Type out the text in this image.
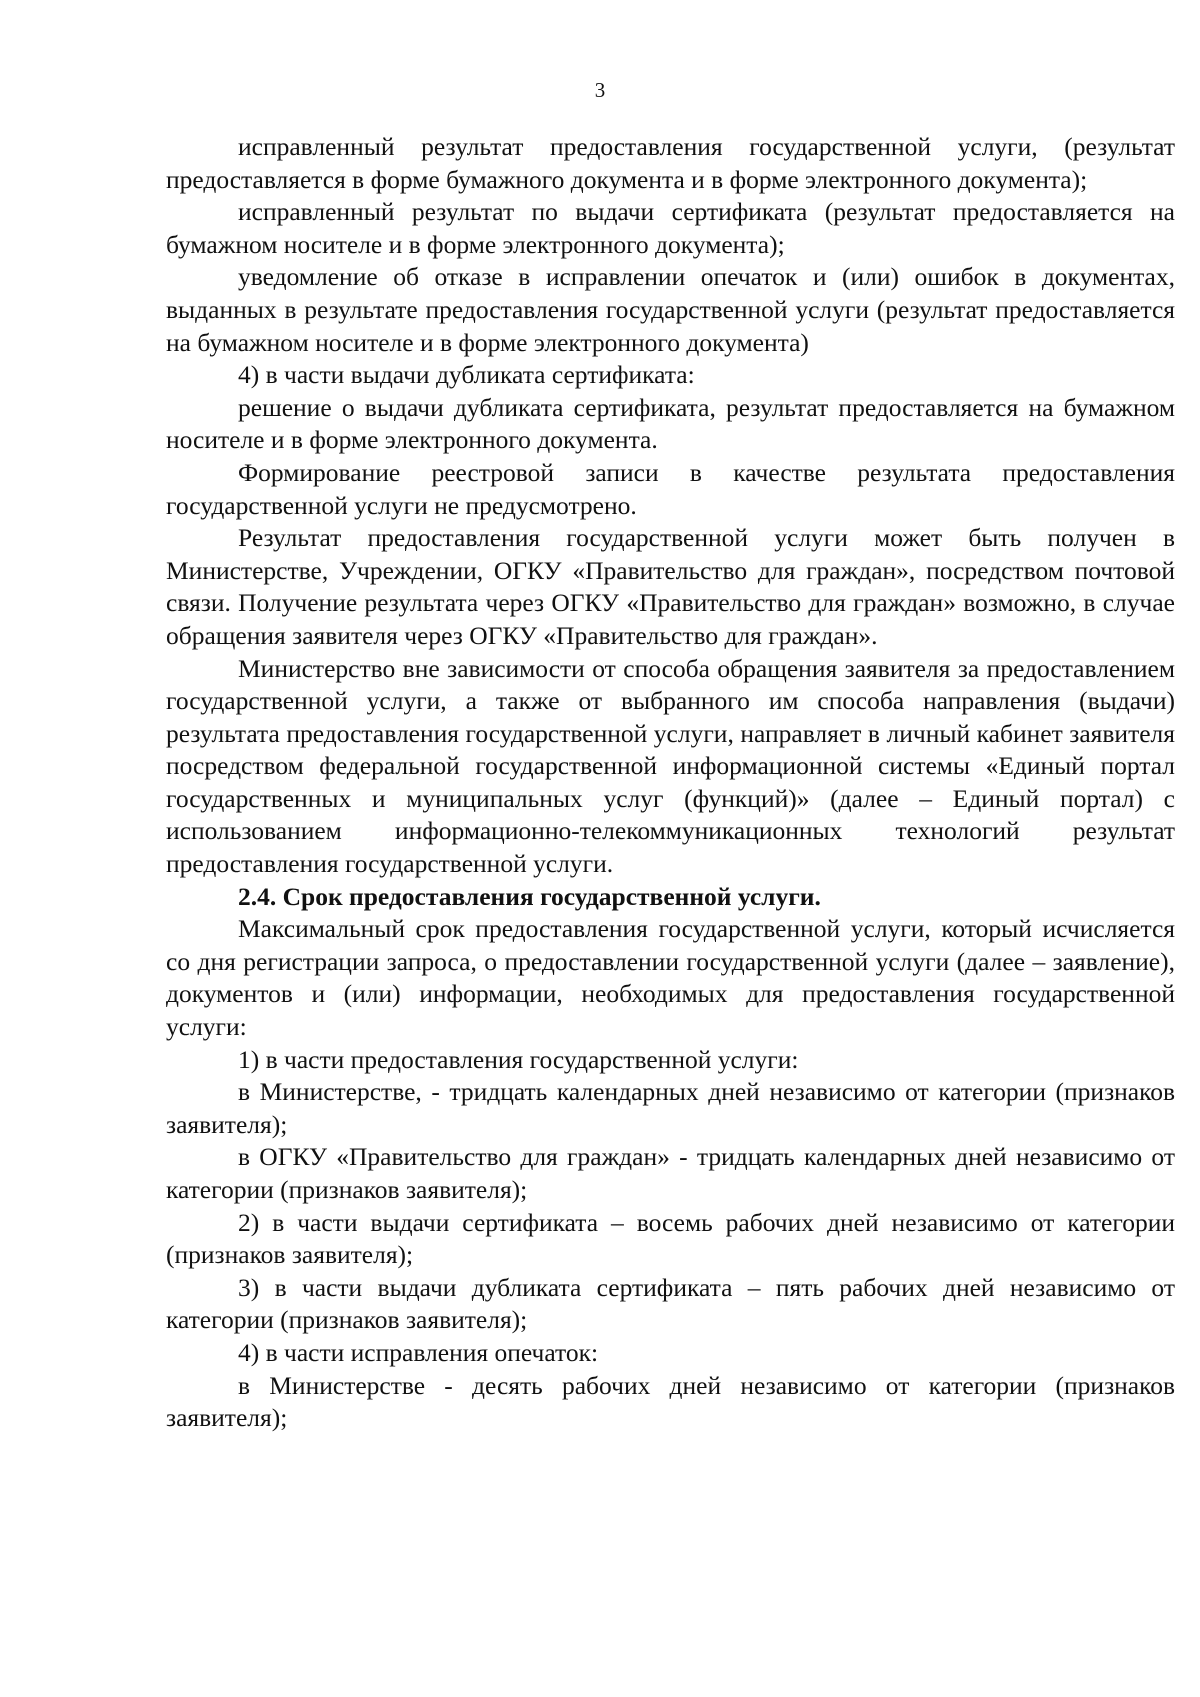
3

исправленный результат предоставления государственной услуги, (результат предоставляется в форме бумажного документа и в форме электронного документа);

исправленный результат по выдачи сертификата (результат предоставляется на бумажном носителе и в форме электронного документа);

уведомление об отказе в исправлении опечаток и (или) ошибок в документах, выданных в результате предоставления государственной услуги (результат предоставляется на бумажном носителе и в форме электронного документа)

4) в части выдачи дубликата сертификата:

решение о выдачи дубликата сертификата, результат предоставляется на бумажном носителе и в форме электронного документа.

Формирование реестровой записи в качестве результата предоставления государственной услуги не предусмотрено.

Результат предоставления государственной услуги может быть получен в Министерстве, Учреждении, ОГКУ «Правительство для граждан», посредством почтовой связи. Получение результата через ОГКУ «Правительство для граждан» возможно, в случае обращения заявителя через ОГКУ «Правительство для граждан».

Министерство вне зависимости от способа обращения заявителя за предоставлением государственной услуги, а также от выбранного им способа направления (выдачи) результата предоставления государственной услуги, направляет в личный кабинет заявителя посредством федеральной государственной информационной системы «Единый портал государственных и муниципальных услуг (функций)» (далее – Единый портал) с использованием информационно-телекоммуникационных технологий результат предоставления государственной услуги.

2.4. Срок предоставления государственной услуги.

Максимальный срок предоставления государственной услуги, который исчисляется со дня регистрации запроса, о предоставлении государственной услуги (далее – заявление), документов и (или) информации, необходимых для предоставления государственной услуги:

1) в части предоставления государственной услуги:

в Министерстве, - тридцать календарных дней независимо от категории (признаков заявителя);

в ОГКУ «Правительство для граждан» - тридцать календарных дней независимо от категории (признаков заявителя);

2) в части выдачи сертификата – восемь рабочих дней независимо от категории (признаков заявителя);

3) в части выдачи дубликата сертификата – пять рабочих дней независимо от категории (признаков заявителя);

4) в части исправления опечаток:

в Министерстве - десять рабочих дней независимо от категории (признаков заявителя);
